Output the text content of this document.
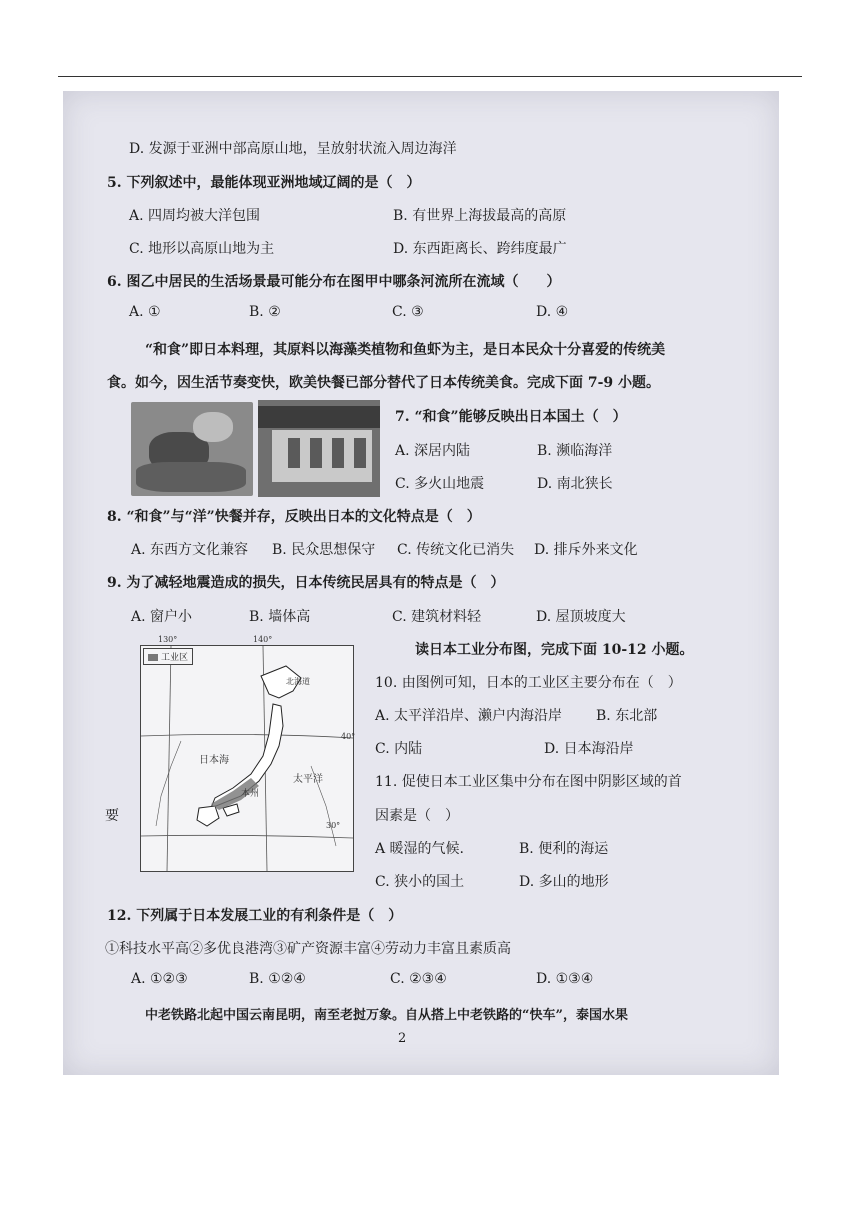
D. 发源于亚洲中部高原山地，呈放射状流入周边海洋
5. 下列叙述中，最能体现亚洲地域辽阔的是（　）
A. 四周均被大洋包围	B. 有世界上海拔最高的高原
C. 地形以高原山地为主	D. 东西距离长、跨纬度最广
6. 图乙中居民的生活场景最可能分布在图甲中哪条河流所在流域（　　）
A. ①	B. ②	C. ③	D. ④
“和食”即日本料理，其原料以海藻类植物和鱼虾为主，是日本民众十分喜爱的传统美
食。如今，因生活节奏变快，欧美快餐已部分替代了日本传统美食。完成下面 7-9 小题。
7. “和食”能够反映出日本国土（　）
A. 深居内陆	B. 濒临海洋
C. 多火山地震	D. 南北狭长
8. “和食”与“洋”快餐并存，反映出日本的文化特点是（　）
A. 东西方文化兼容 B. 民众思想保守 C. 传统文化已消失 D. 排斥外来文化
9. 为了减轻地震造成的损失，日本传统民居具有的特点是（　）
A. 窗户小	B. 墙体高	C. 建筑材料轻	D. 屋顶坡度大
工业区
日本海
太平洋
北海道
本州
130°	140°
40°
30°
读日本工业分布图，完成下面 10-12 小题。
10. 由图例可知，日本的工业区主要分布在（　）
A. 太平洋沿岸、濑户内海沿岸 B. 东北部
C. 内陆	D. 日本海沿岸
11. 促使日本工业区集中分布在图中阴影区域的首
要	因素是（　）
A 暖湿的气候.	B. 便利的海运
C. 狭小的国土	D. 多山的地形
12. 下列属于日本发展工业的有利条件是（　）
①科技水平高②多优良港湾③矿产资源丰富④劳动力丰富且素质高
A. ①②③	B. ①②④	C. ②③④	D. ①③④
中老铁路北起中国云南昆明，南至老挝万象。自从搭上中老铁路的“快车”，泰国水果
2
